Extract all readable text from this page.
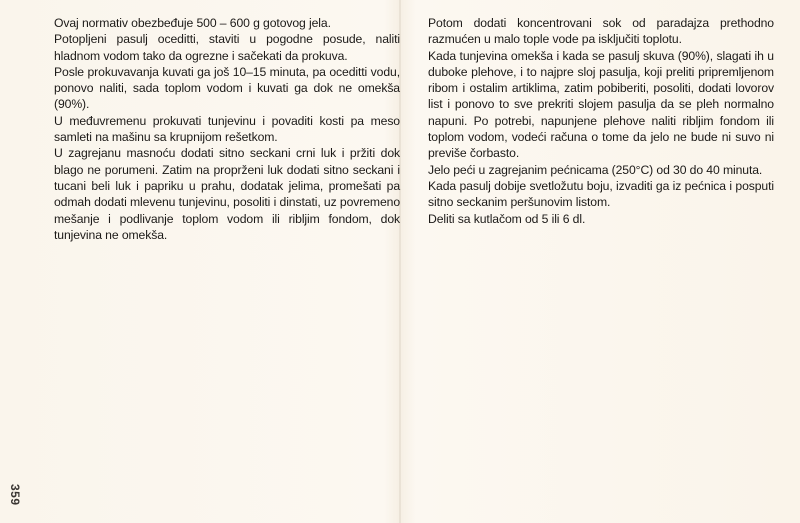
Ovaj normativ obezbeđuje 500 – 600 g gotovog jela.

Potopljeni pasulj oceditti, staviti u pogodne posude, naliti hladnom vodom tako da ogrezne i sačekati da prokuva.

Posle prokuvavanja kuvati ga još 10–15 minuta, pa oceditti vodu, ponovo naliti, sada toplom vodom i kuvati ga dok ne omekša (90%).

U međuvremenu prokuvati tunjevinu i povaditi kosti pa meso samleti na mašinu sa krupnijom rešetkom.

U zagrejanu masnoću dodati sitno seckani crni luk i pržiti dok blago ne porumeni. Zatim na proprženi luk dodati sitno seckani i tucani beli luk i papriku u prahu, dodatak jelima, promešati pa odmah dodati mlevenu tunjevinu, posoliti i dinstati, uz povremeno mešanje i podlivanje toplom vodom ili ribljim fondom, dok tunjevina ne omekša.

Potom dodati koncentrovani sok od paradajza prethodno razmućen u malo tople vode pa isključiti toplotu.

Kada tunjevina omekša i kada se pasulj skuva (90%), slagati ih u duboke plehove, i to najpre sloj pasulja, koji preliti pripremljenom ribom i ostalim artiklima, zatim pobiberiti, posoliti, dodati lovorov list i ponovo to sve prekriti slojem pasulja da se pleh normalno napuni. Po potrebi, napunjene plehove naliti ribljim fondom ili toplom vodom, vodeći računa o tome da jelo ne bude ni suvo ni previše čorbasto.

Jelo peći u zagrejanim pećnicama (250°C) od 30 do 40 minuta.

Kada pasulj dobije svetložutu boju, izvaditi ga iz pećnica i posputi sitno seckanim peršunovim listom.

Deliti sa kutlačom od 5 ili 6 dl.

359
